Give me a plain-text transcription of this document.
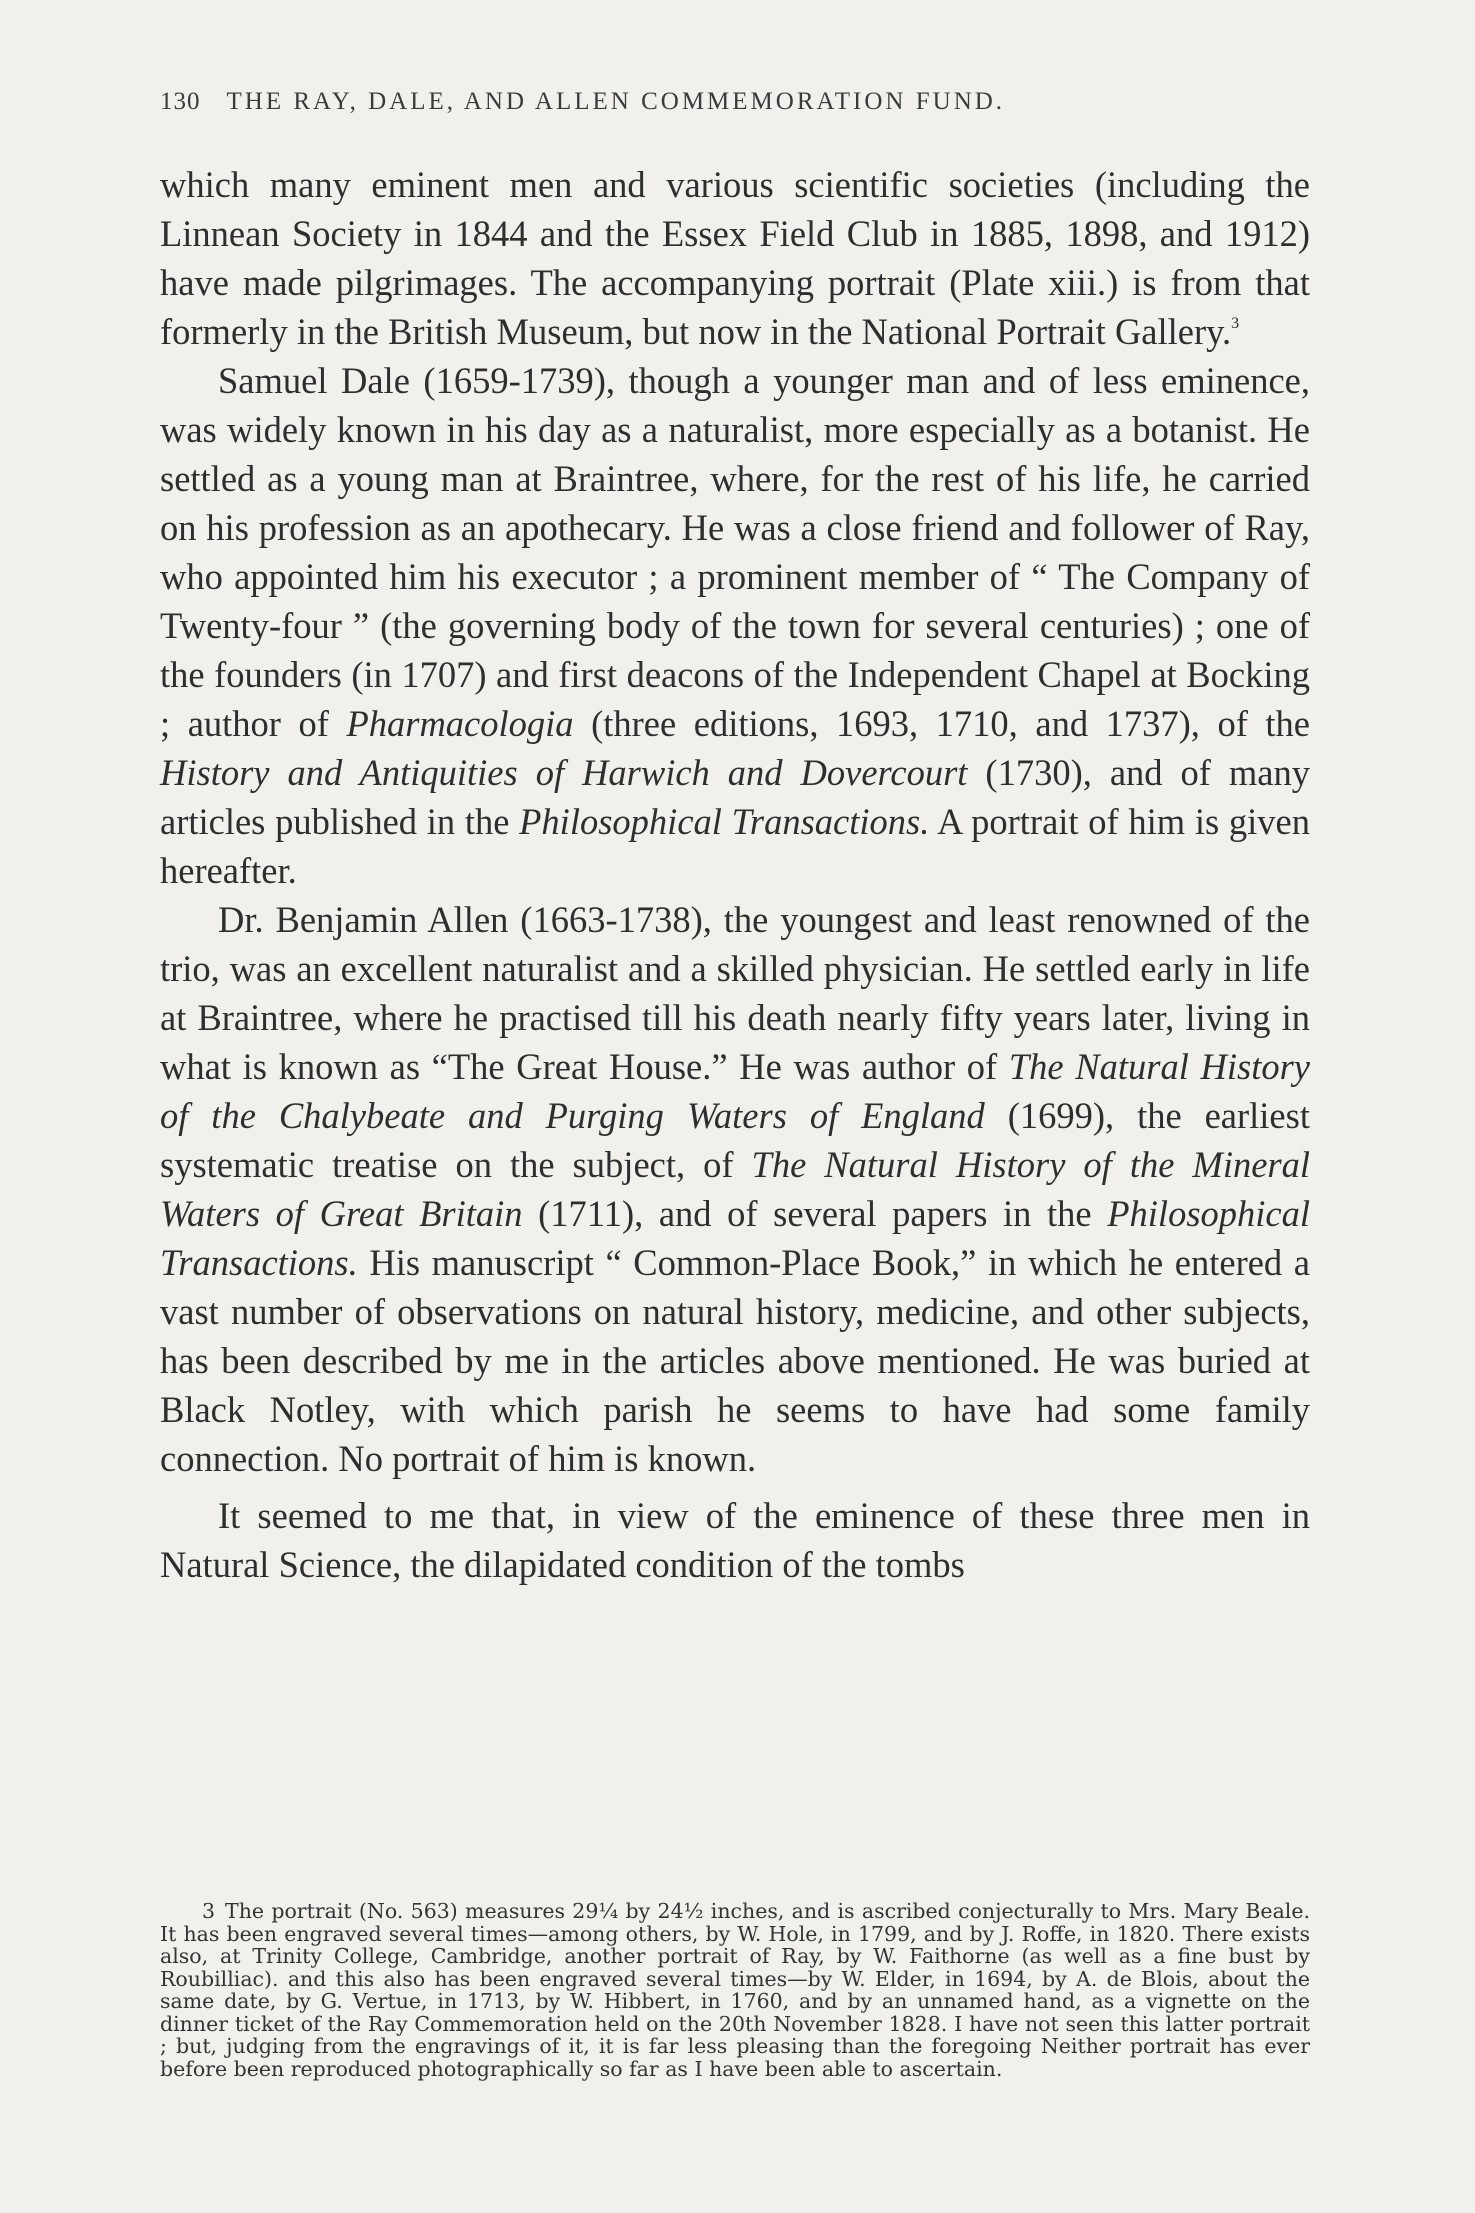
130 THE RAY, DALE, AND ALLEN COMMEMORATION FUND.

which many eminent men and various scientific societies (including the Linnean Society in 1844 and the Essex Field Club in 1885, 1898, and 1912) have made pilgrimages. The accompanying portrait (Plate xiii.) is from that formerly in the British Museum, but now in the National Portrait Gallery.$^3$

Samuel Dale (1659-1739), though a younger man and of less eminence, was widely known in his day as a naturalist, more especially as a botanist. He settled as a young man at Braintree, where, for the rest of his life, he carried on his profession as an apothecary. He was a close friend and follower of Ray, who appointed him his executor ; a prominent member of “ The Company of Twenty-four ” (the governing body of the town for several centuries) ; one of the founders (in 1707) and first deacons of the Independent Chapel at Bocking ; author of Pharmacologia (three editions, 1693, 1710, and 1737), of the History and Antiquities of Harwich and Dovercourt (1730), and of many articles published in the Philosophical Transactions. A portrait of him is given hereafter.

Dr. Benjamin Allen (1663-1738), the youngest and least renowned of the trio, was an excellent naturalist and a skilled physician. He settled early in life at Braintree, where he practised till his death nearly fifty years later, living in what is known as “The Great House.” He was author of The Natural History of the Chalybeate and Purging Waters of England (1699), the earliest systematic treatise on the subject, of The Natural History of the Mineral Waters of Great Britain (1711), and of several papers in the Philosophical Transactions. His manuscript “ Common-Place Book,” in which he entered a vast number of observations on natural history, medicine, and other subjects, has been described by me in the articles above mentioned. He was buried at Black Notley, with which parish he seems to have had some family connection. No portrait of him is known.

It seemed to me that, in view of the eminence of these three men in Natural Science, the dilapidated condition of the tombs

3 The portrait (No. 563) measures 29¼ by 24½ inches, and is ascribed conjecturally to Mrs. Mary Beale. It has been engraved several times—among others, by W. Hole, in 1799, and by J. Roffe, in 1820. There exists also, at Trinity College, Cambridge, another portrait of Ray, by W. Faithorne (as well as a fine bust by Roubilliac). and this also has been engraved several times—by W. Elder, in 1694, by A. de Blois, about the same date, by G. Vertue, in 1713, by W. Hibbert, in 1760, and by an unnamed hand, as a vignette on the dinner ticket of the Ray Commemoration held on the 20th November 1828. I have not seen this latter portrait ; but, judging from the engravings of it, it is far less pleasing than the foregoing Neither portrait has ever before been reproduced photographically so far as I have been able to ascertain.
